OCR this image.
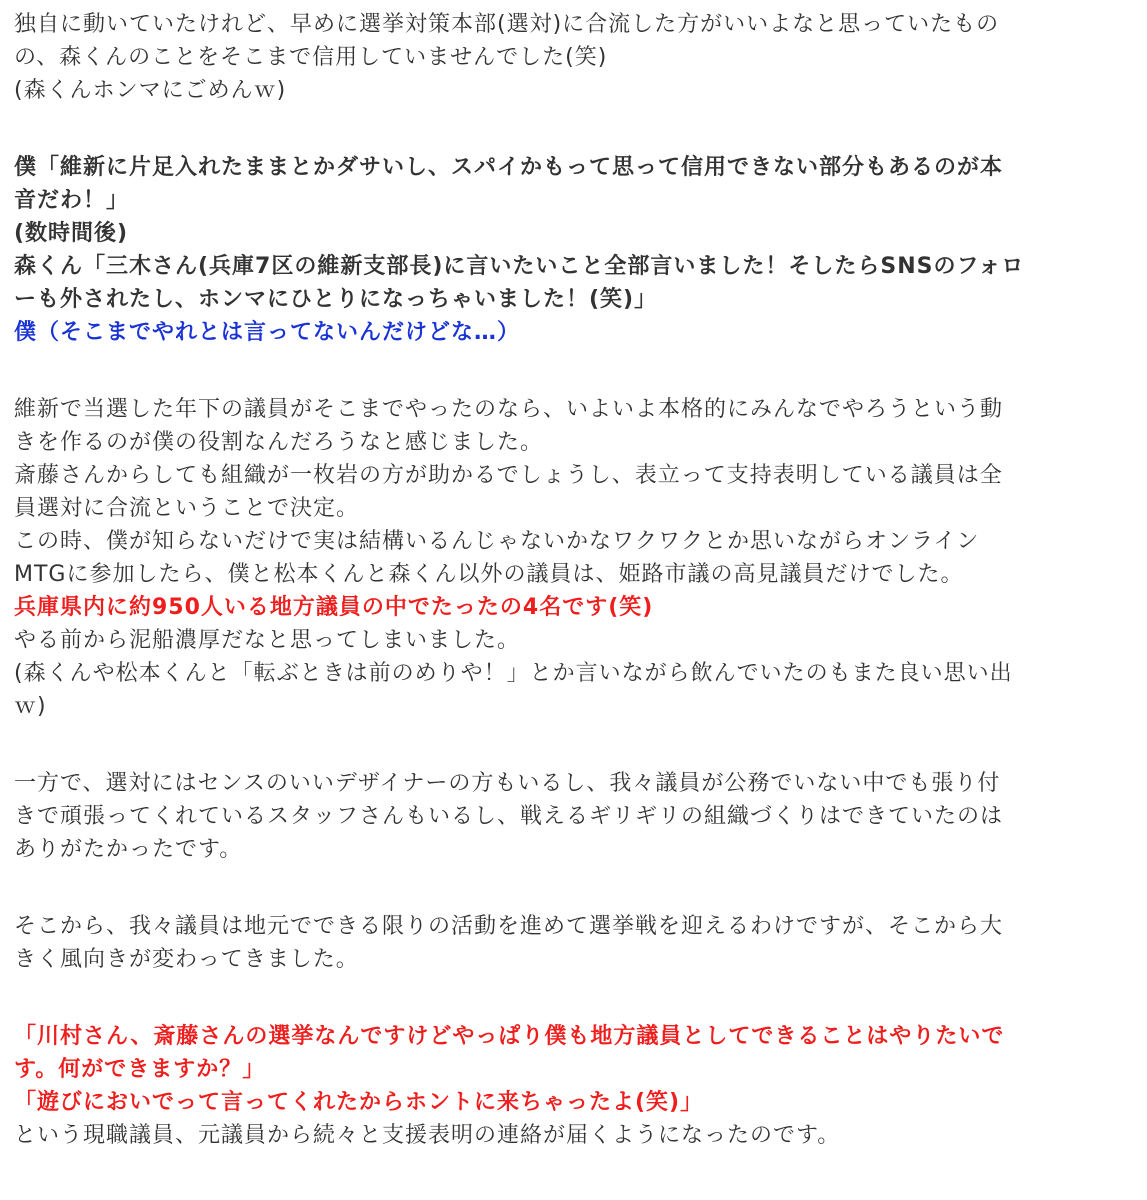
独自に動いていたけれど、早めに選挙対策本部(選対)に合流した方がいいよなと思っていたもの
の、森くんのことをそこまで信用していませんでした(笑)
(森くんホンマにごめんｗ)
僕「維新に片足入れたままとかダサいし、スパイかもって思って信用できない部分もあるのが本
音だわ！」
(数時間後)
森くん「三木さん(兵庫7区の維新支部長)に言いたいこと全部言いました！そしたらSNSのフォロ
ーも外されたし、ホンマにひとりになっちゃいました！(笑)」
僕（そこまでやれとは言ってないんだけどな…）
維新で当選した年下の議員がそこまでやったのなら、いよいよ本格的にみんなでやろうという動
きを作るのが僕の役割なんだろうなと感じました。
斎藤さんからしても組織が一枚岩の方が助かるでしょうし、表立って支持表明している議員は全
員選対に合流ということで決定。
この時、僕が知らないだけで実は結構いるんじゃないかなワクワクとか思いながらオンライン
MTGに参加したら、僕と松本くんと森くん以外の議員は、姫路市議の高見議員だけでした。
兵庫県内に約950人いる地方議員の中でたったの4名です(笑)
やる前から泥船濃厚だなと思ってしまいました。
(森くんや松本くんと「転ぶときは前のめりや！」とか言いながら飲んでいたのもまた良い思い出
ｗ)
一方で、選対にはセンスのいいデザイナーの方もいるし、我々議員が公務でいない中でも張り付
きで頑張ってくれているスタッフさんもいるし、戦えるギリギリの組織づくりはできていたのは
ありがたかったです。
そこから、我々議員は地元でできる限りの活動を進めて選挙戦を迎えるわけですが、そこから大
きく風向きが変わってきました。
「川村さん、斎藤さんの選挙なんですけどやっぱり僕も地方議員としてできることはやりたいで
す。何ができますか？」
「遊びにおいでって言ってくれたからホントに来ちゃったよ(笑)」
という現職議員、元議員から続々と支援表明の連絡が届くようになったのです。
